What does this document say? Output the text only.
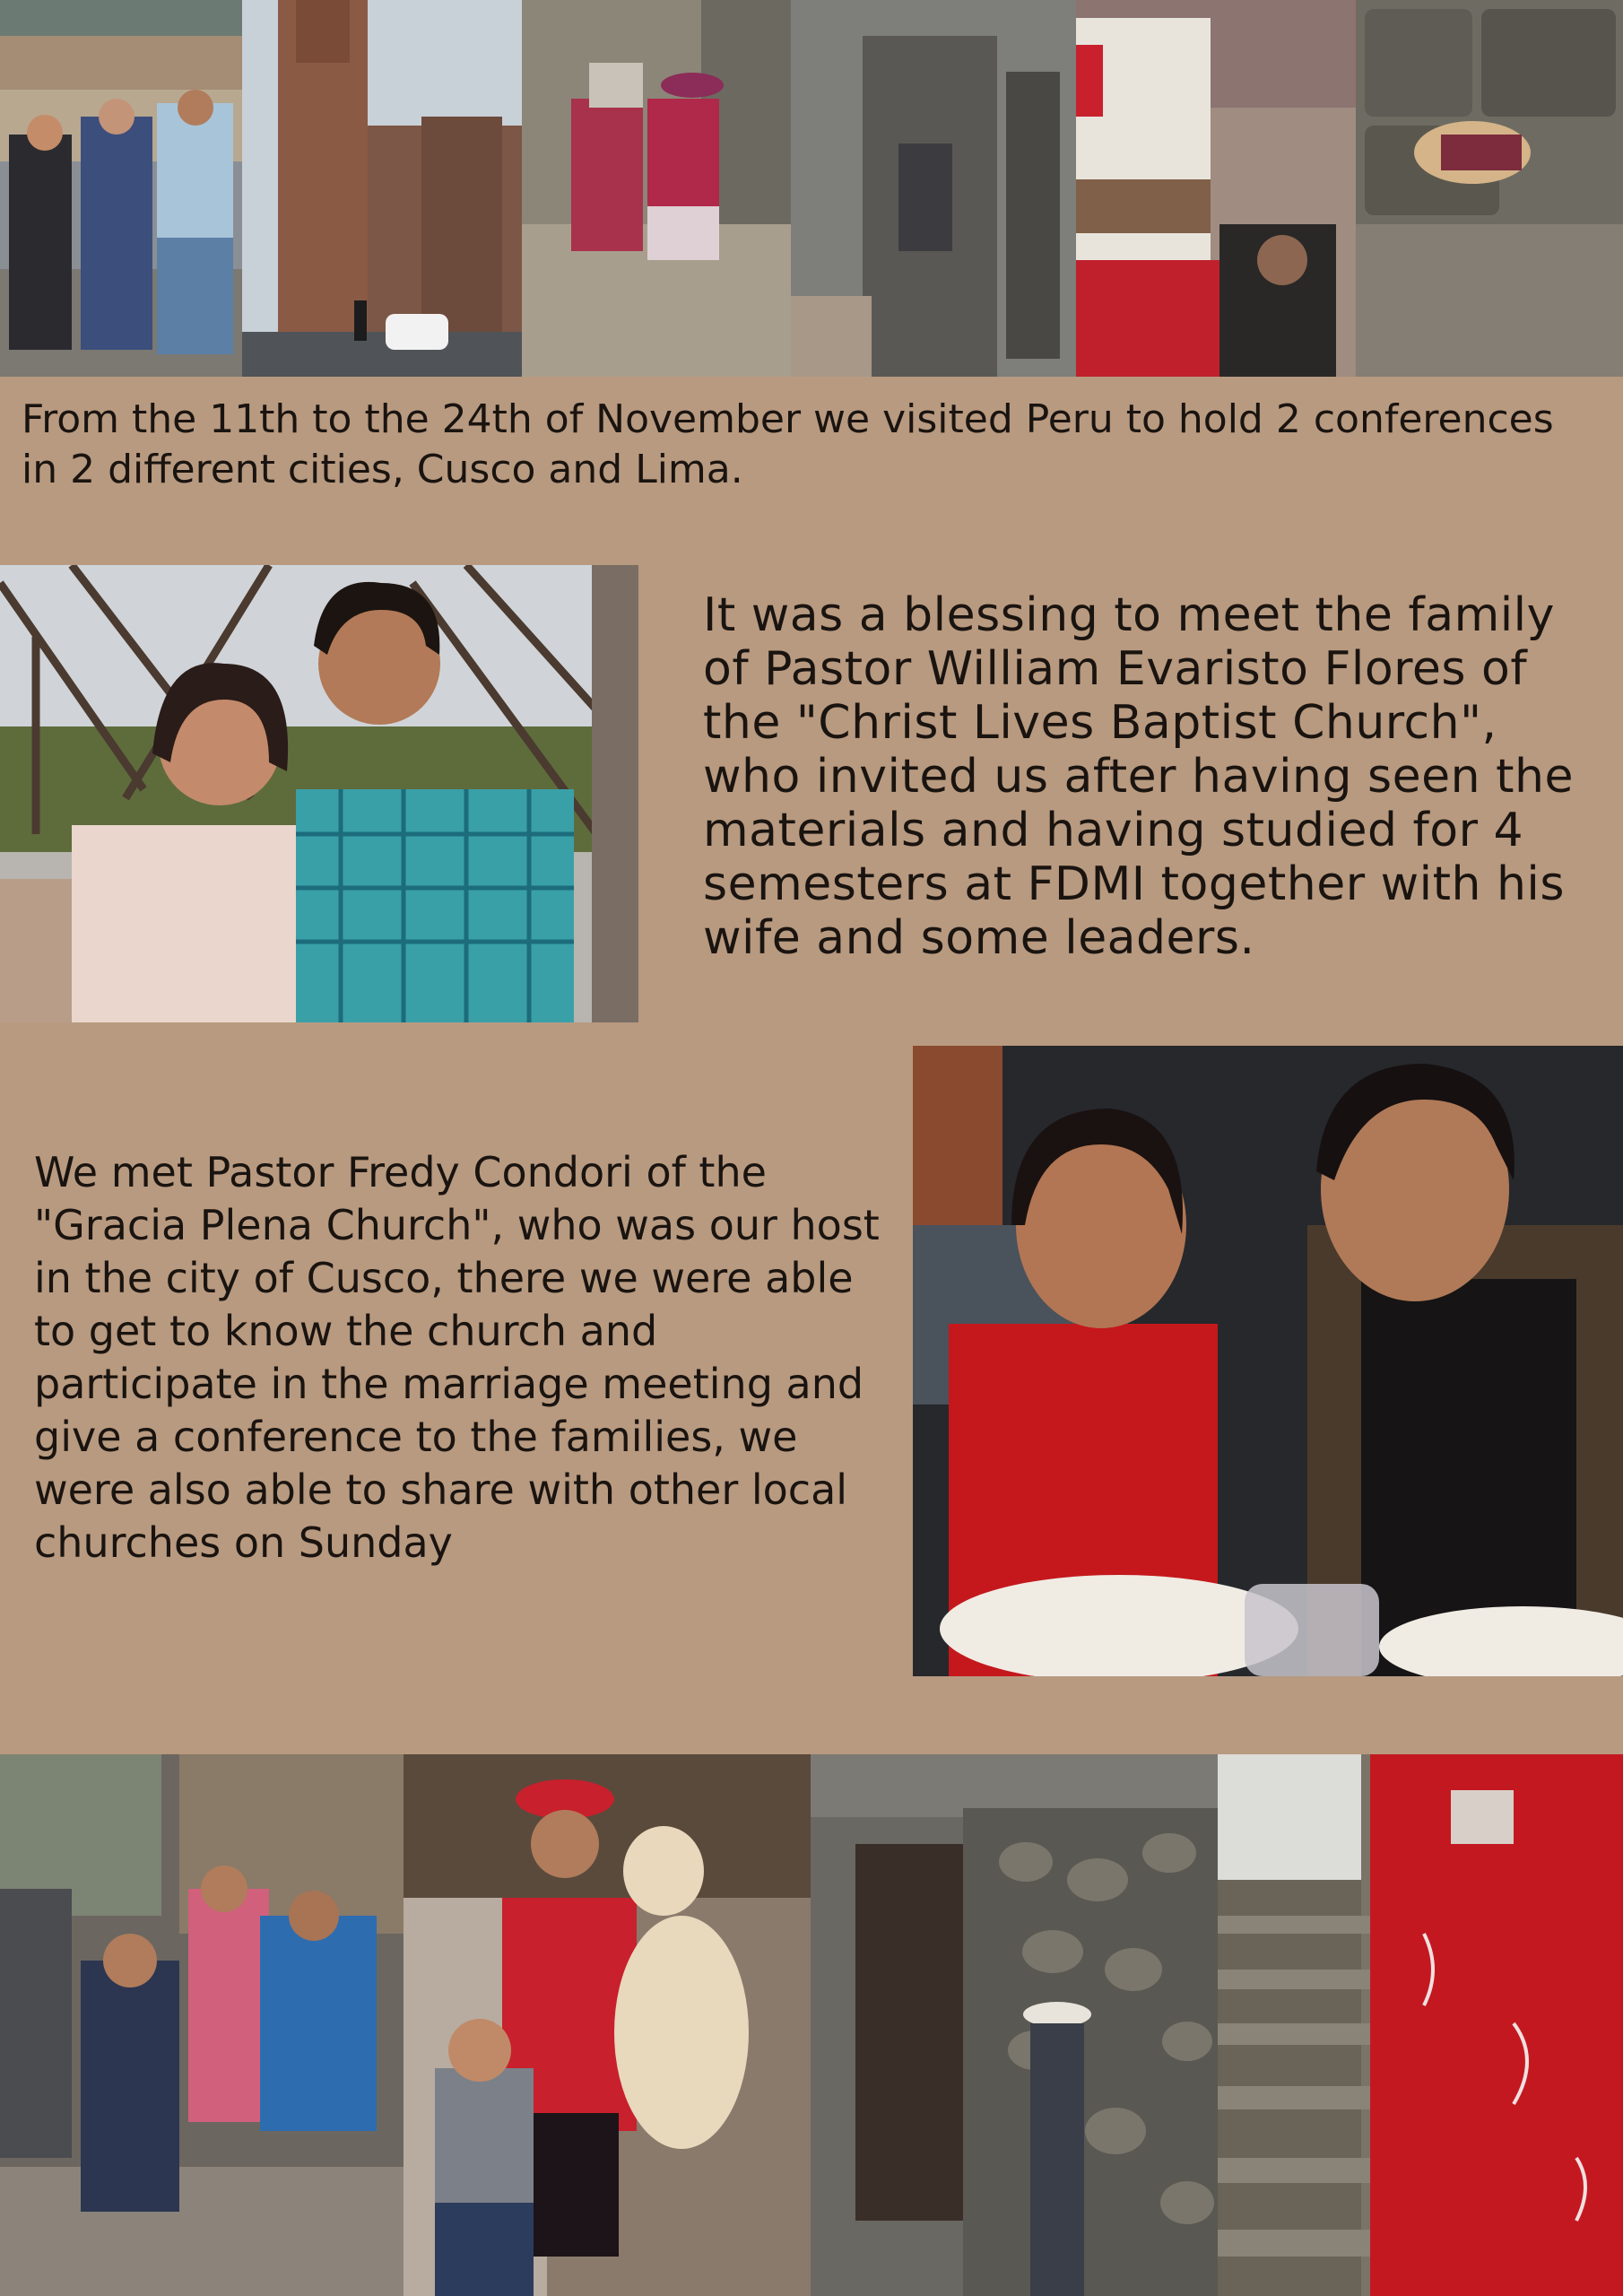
From the 11th to the 24th of November we visited Peru to hold 2 conferences in 2 different cities, Cusco and Lima.

It was a blessing to meet the family of Pastor William Evaristo Flores of the "Christ Lives Baptist Church", who invited us after having seen the materials and having studied for 4 semesters at FDMI together with his wife and some leaders.

We met Pastor Fredy Condori of the "Gracia Plena Church", who was our host in the city of Cusco, there we were able to get to know the church and participate in the marriage meeting and give a conference to the families, we were also able to share with other local churches on Sunday
